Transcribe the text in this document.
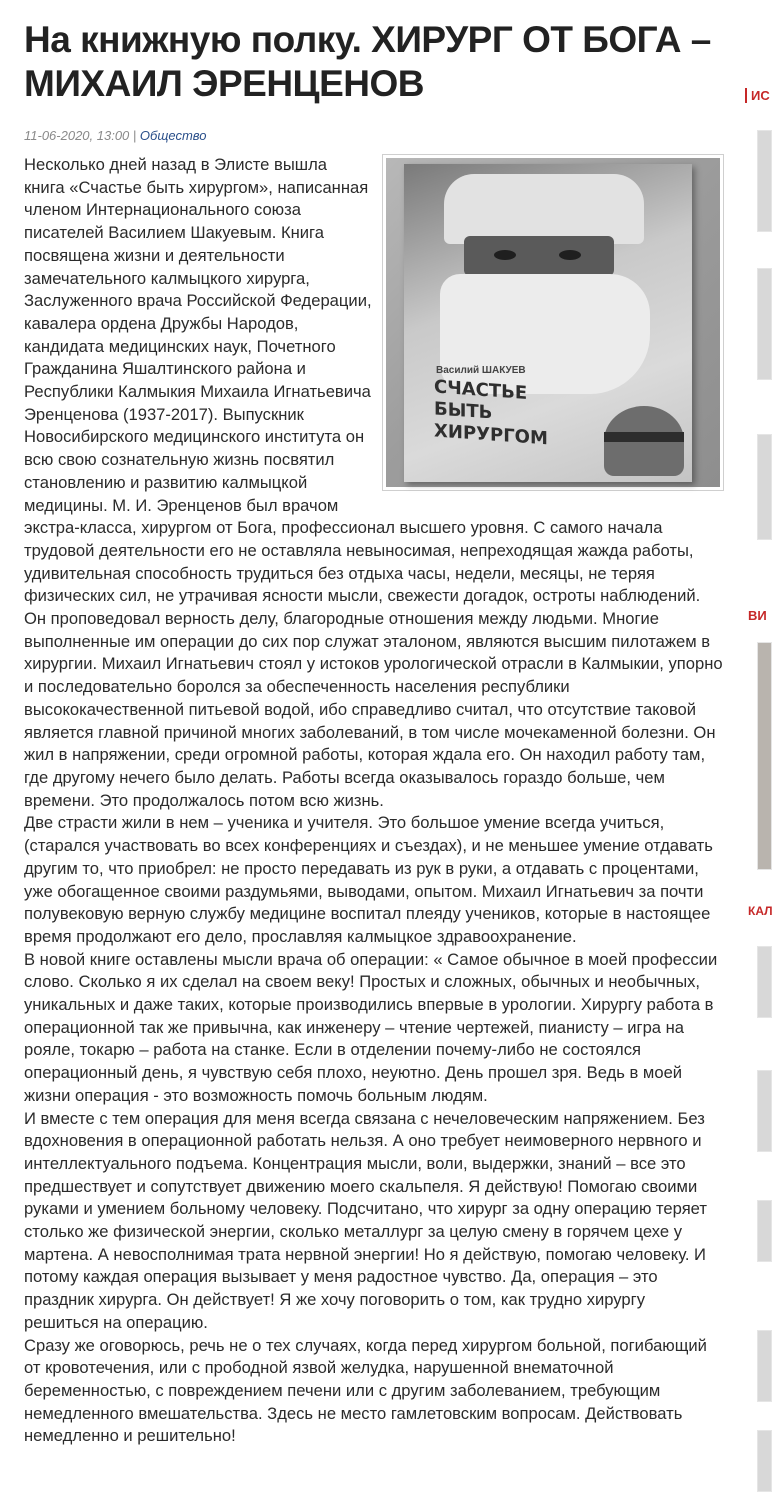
На книжную полку. ХИРУРГ ОТ БОГА – МИХАИЛ ЭРЕНЦЕНОВ
11-06-2020, 13:00 | Общество
Василий ШАКУЕВ
СЧАСТЬЕ
БЫТЬ ХИРУРГОМ

Несколько дней назад в Элисте вышла книга «Счастье быть хирургом», написанная членом Интернационального союза писателей Василием Шакуевым. Книга посвящена жизни и деятельности замечательного калмыцкого хирурга, Заслуженного врача Российской Федерации, кавалера ордена Дружбы Народов, кандидата медицинских наук, Почетного Гражданина Яшалтинского района и Республики Калмыкия Михаила Игнатьевича Эренценова (1937-2017). Выпускник Новосибирского медицинского института он всю свою сознательную жизнь посвятил становлению и развитию калмыцкой медицины. М. И. Эренценов был врачом экстра-класса, хирургом от Бога, профессионал высшего уровня. С самого начала трудовой деятельности его не оставляла невыносимая, непреходящая жажда работы, удивительная способность трудиться без отдыха часы, недели, месяцы, не теряя физических сил, не утрачивая ясности мысли, свежести догадок, остроты наблюдений. Он проповедовал верность делу, благородные отношения между людьми. Многие выполненные им операции до сих пор служат эталоном, являются высшим пилотажем в хирургии. Михаил Игнатьевич стоял у истоков урологической отрасли в Калмыкии, упорно и последовательно боролся за обеспеченность населения республики высококачественной питьевой водой, ибо справедливо считал, что отсутствие таковой является главной причиной многих заболеваний, в том числе мочекаменной болезни. Он жил в напряжении, среди огромной работы, которая ждала его. Он находил работу там, где другому нечего было делать. Работы всегда оказывалось гораздо больше, чем времени. Это продолжалось потом всю жизнь.

Две страсти жили в нем – ученика и учителя. Это большое умение всегда учиться, (старался участвовать во всех конференциях и съездах), и не меньшее умение отдавать другим то, что приобрел: не просто передавать из рук в руки, а отдавать с процентами, уже обогащенное своими раздумьями, выводами, опытом. Михаил Игнатьевич за почти полувековую верную службу медицине воспитал плеяду учеников, которые в настоящее время продолжают его дело, прославляя калмыцкое здравоохранение.

В новой книге оставлены мысли врача об операции: « Самое обычное в моей профессии слово. Сколько я их сделал на своем веку! Простых и сложных, обычных и необычных, уникальных и даже таких, которые производились впервые в урологии. Хирургу работа в операционной так же привычна, как инженеру – чтение чертежей, пианисту – игра на рояле, токарю – работа на станке. Если в отделении почему-либо не состоялся операционный день, я чувствую себя плохо, неуютно. День прошел зря. Ведь в моей жизни операция - это возможность помочь больным людям.

И вместе с тем операция для меня всегда связана с нечеловеческим напряжением. Без вдохновения в операционной работать нельзя. А оно требует неимоверного нервного и интеллектуального подъема. Концентрация мысли, воли, выдержки, знаний – все это предшествует и сопутствует движению моего скальпеля. Я действую! Помогаю своими руками и умением больному человеку. Подсчитано, что хирург за одну операцию теряет столько же физической энергии, сколько металлург за целую смену в горячем цехе у мартена. А невосполнимая трата нервной энергии! Но я действую, помогаю человеку. И потому каждая операция вызывает у меня радостное чувство. Да, операция – это праздник хирурга. Он действует! Я же хочу поговорить о том, как трудно хирургу решиться на операцию.

Сразу же оговорюсь, речь не о тех случаях, когда перед хирургом больной, погибающий от кровотечения, или с прободной язвой желудка, нарушенной внематочной беременностью, с повреждением печени или с другим заболеванием, требующим немедленного вмешательства. Здесь не место гамлетовским вопросам. Действовать немедленно и решительно!

ИС
ВИ
КАЛ
